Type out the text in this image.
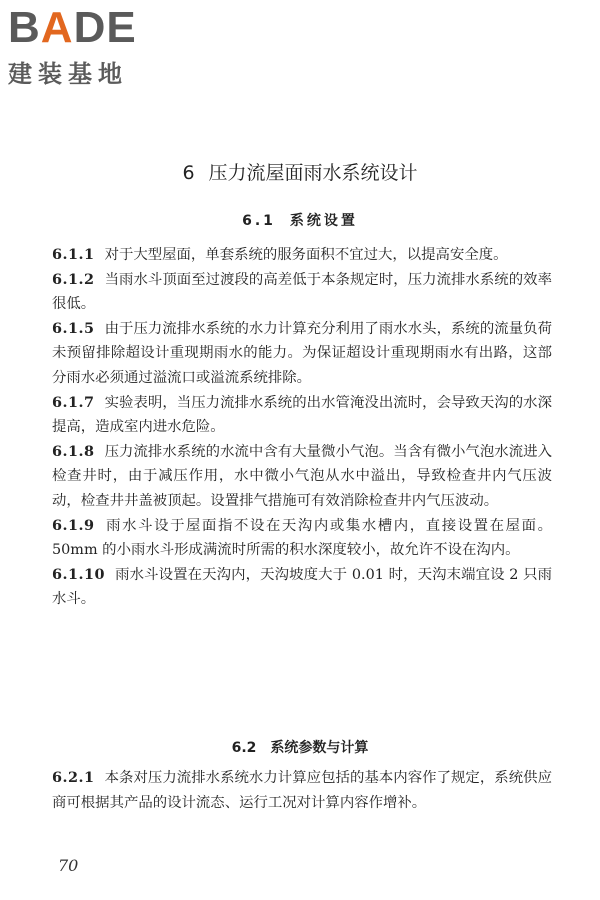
BADE
建装基地
6 压力流屋面雨水系统设计
6.1 系统设置

6.1.1 对于大型屋面，单套系统的服务面积不宜过大，以提高安全度。

6.1.2 当雨水斗顶面至过渡段的高差低于本条规定时，压力流排水系统的效率很低。

6.1.5 由于压力流排水系统的水力计算充分利用了雨水水头，系统的流量负荷未预留排除超设计重现期雨水的能力。为保证超设计重现期雨水有出路，这部分雨水必须通过溢流口或溢流系统排除。

6.1.7 实验表明，当压力流排水系统的出水管淹没出流时，会导致天沟的水深提高，造成室内进水危险。

6.1.8 压力流排水系统的水流中含有大量微小气泡。当含有微小气泡水流进入检查井时，由于减压作用，水中微小气泡从水中溢出，导致检查井内气压波动，检查井井盖被顶起。设置排气措施可有效消除检查井内气压波动。

6.1.9 雨水斗设于屋面指不设在天沟内或集水槽内，直接设置在屋面。50mm 的小雨水斗形成满流时所需的积水深度较小，故允许不设在沟内。

6.1.10 雨水斗设置在天沟内，天沟坡度大于 0.01 时，天沟末端宜设 2 只雨水斗。

6.2 系统参数与计算

6.2.1 本条对压力流排水系统水力计算应包括的基本内容作了规定，系统供应商可根据其产品的设计流态、运行工况对计算内容作增补。

70
